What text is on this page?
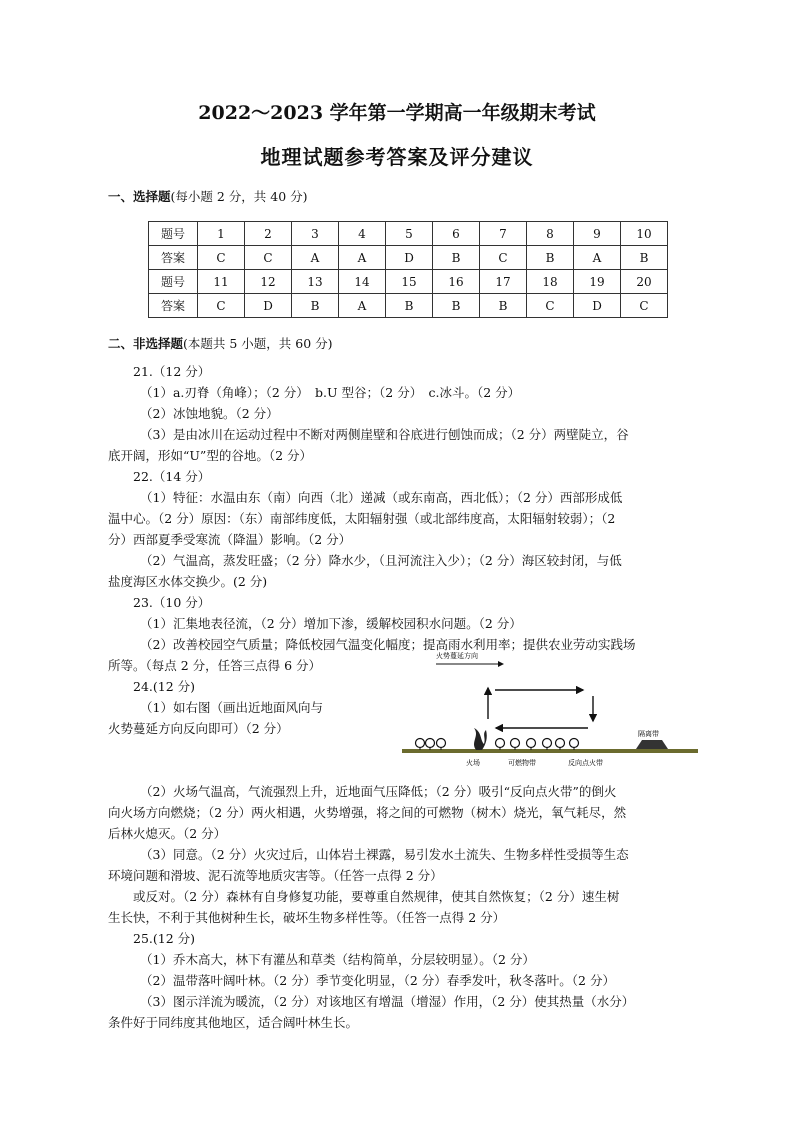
2022～2023 学年第一学期高一年级期末考试
地理试题参考答案及评分建议
一、选择题(每小题 2 分，共 40 分)
题号	1	2	3	4	5	6	7	8	9	10
答案	C	C	A	A	D	B	C	B	A	B
题号	11	12	13	14	15	16	17	18	19	20
答案	C	D	B	A	B	B	B	C	D	C
二、非选择题(本题共 5 小题，共 60 分)
21.（12 分）
（1）a.刃脊（角峰）；（2 分）　b.U 型谷；（2 分）　c.冰斗。（2 分）
（2）冰蚀地貌。（2 分）
（3）是由冰川在运动过程中不断对两侧崖壁和谷底进行刨蚀而成；（2 分）两壁陡立，谷
底开阔，形如“U”型的谷地。（2 分）
22.（14 分）
（1）特征：水温由东（南）向西（北）递减（或东南高，西北低）；（2 分）西部形成低
温中心。（2 分）原因：（东）南部纬度低，太阳辐射强（或北部纬度高，太阳辐射较弱）；（2
分）西部夏季受寒流（降温）影响。（2 分）
（2）气温高，蒸发旺盛；（2 分）降水少，（且河流注入少）；（2 分）海区较封闭，与低
盐度海区水体交换少。(2 分)
23.（10 分）
（1）汇集地表径流，（2 分）增加下渗，缓解校园积水问题。（2 分）
（2）改善校园空气质量；降低校园气温变化幅度；提高雨水利用率；提供农业劳动实践场
所等。（每点 2 分，任答三点得 6 分）
24.(12 分)
（1）如右图（画出近地面风向与
火势蔓延方向反向即可）（2 分）
（2）火场气温高，气流强烈上升，近地面气压降低；（2 分）吸引“反向点火带”的倒火
向火场方向燃烧；（2 分）两火相遇，火势增强，将之间的可燃物（树木）烧光，氧气耗尽，然
后林火熄灭。（2 分）
（3）同意。（2 分）火灾过后，山体岩土裸露，易引发水土流失、生物多样性受损等生态
环境问题和滑坡、泥石流等地质灾害等。（任答一点得 2 分）
或反对。（2 分）森林有自身修复功能，要尊重自然规律，使其自然恢复；（2 分）速生树
生长快，不利于其他树种生长，破坏生物多样性等。（任答一点得 2 分）
25.(12 分)
（1）乔木高大，林下有灌丛和草类（结构简单，分层较明显）。（2 分）
（2）温带落叶阔叶林。（2 分）季节变化明显，（2 分）春季发叶，秋冬落叶。（2 分）
（3）图示洋流为暖流，（2 分）对该地区有增温（增湿）作用，（2 分）使其热量（水分）
条件好于同纬度其他地区，适合阔叶林生长。
火势蔓延方向
隔离带
火场	可燃物带	反向点火带
